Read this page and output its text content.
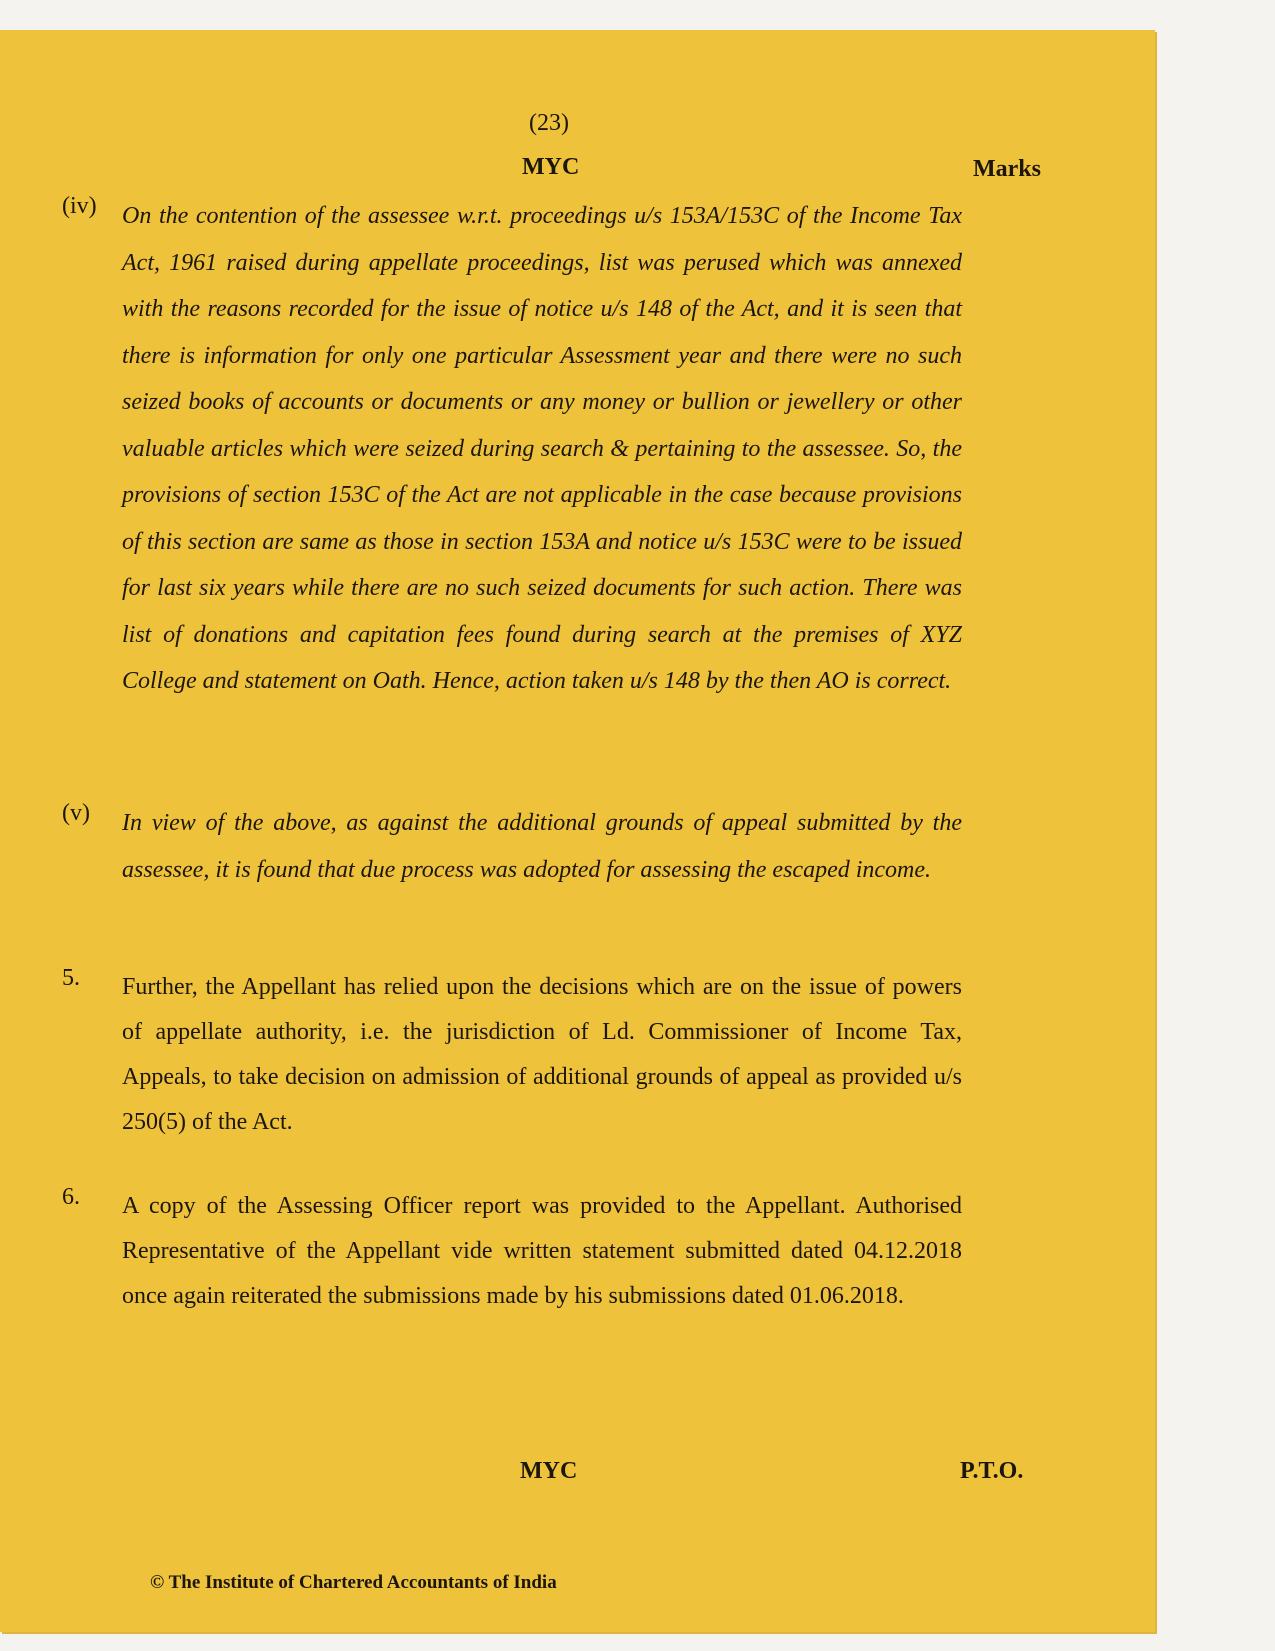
(23)
MYC	Marks
(iv) On the contention of the assessee w.r.t. proceedings u/s 153A/153C of the Income Tax Act, 1961 raised during appellate proceedings, list was perused which was annexed with the reasons recorded for the issue of notice u/s 148 of the Act, and it is seen that there is information for only one particular Assessment year and there were no such seized books of accounts or documents or any money or bullion or jewellery or other valuable articles which were seized during search & pertaining to the assessee. So, the provisions of section 153C of the Act are not applicable in the case because provisions of this section are same as those in section 153A and notice u/s 153C were to be issued for last six years while there are no such seized documents for such action. There was list of donations and capitation fees found during search at the premises of XYZ College and statement on Oath. Hence, action taken u/s 148 by the then AO is correct.
(v) In view of the above, as against the additional grounds of appeal submitted by the assessee, it is found that due process was adopted for assessing the escaped income.
5. Further, the Appellant has relied upon the decisions which are on the issue of powers of appellate authority, i.e. the jurisdiction of Ld. Commissioner of Income Tax, Appeals, to take decision on admission of additional grounds of appeal as provided u/s 250(5) of the Act.
6. A copy of the Assessing Officer report was provided to the Appellant. Authorised Representative of the Appellant vide written statement submitted dated 04.12.2018 once again reiterated the submissions made by his submissions dated 01.06.2018.
MYC	P.T.O.
© The Institute of Chartered Accountants of India
